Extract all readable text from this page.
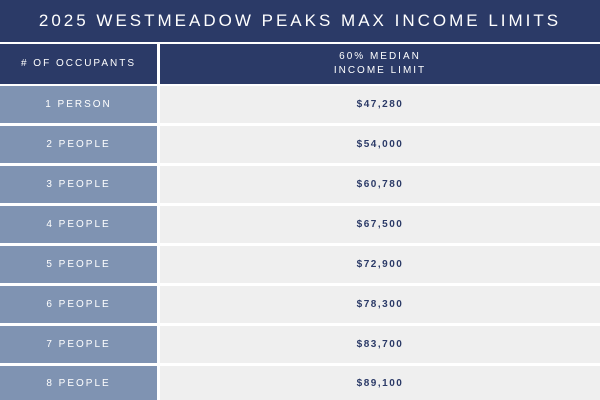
2025 WESTMEADOW PEAKS MAX INCOME LIMITS
# OF OCCUPANTS
60% MEDIAN
INCOME LIMIT
1 PERSON	$47,280
2 PEOPLE	$54,000
3 PEOPLE	$60,780
4 PEOPLE	$67,500
5 PEOPLE	$72,900
6 PEOPLE	$78,300
7 PEOPLE	$83,700
8 PEOPLE	$89,100
